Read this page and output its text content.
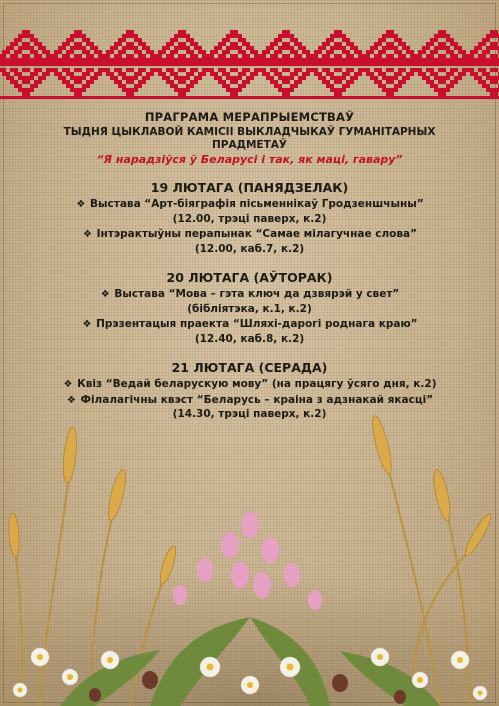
ПРАГРАМА МЕРАПРЫЕМСТВАЎ
ТЫДНЯ ЦЫКЛАВОЙ КАМІСІІ ВЫКЛАДЧЫКАЎ ГУМАНІТАРНЫХ ПРАДМЕТАЎ
“Я нарадзіўся ў Беларусі і так, як маці, гавару”
19 ЛЮТАГА (ПАНЯДЗЕЛАК)
❖ Выстава “Арт-біяграфія пісьменнікаў Гродзеншчыны”
(12.00, трэці паверх, к.2)
❖ Інтэрактыўны перапынак “Самае мілагучнае слова”
(12.00, каб.7, к.2)
20 ЛЮТАГА (АЎТОРАК)
❖ Выстава “Мова – гэта ключ да дзвярэй у свет”
(бібліятэка, к.1, к.2)
❖ Прэзентацыя праекта “Шляхі-дарогі роднага краю”
(12.40, каб.8, к.2)
21 ЛЮТАГА (СЕРАДА)
❖ Квіз “Ведай беларускую мову” (на працягу ўсяго дня, к.2)
❖ Філалагічны квэст “Беларусь – краіна з адзнакай якасці”
(14.30, трэці паверх, к.2)
